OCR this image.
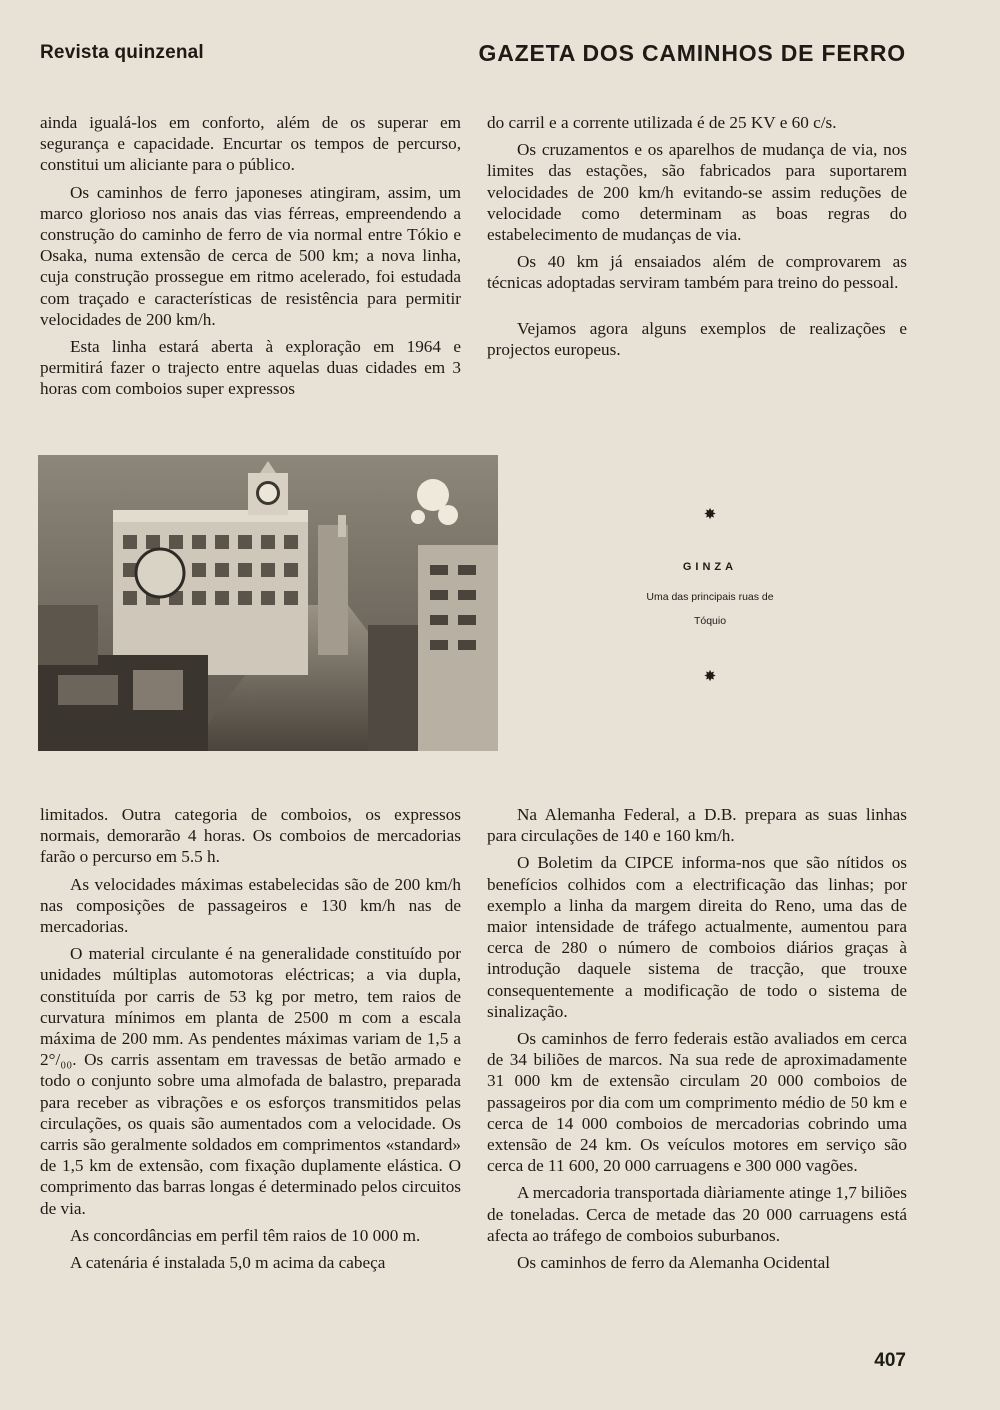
Revista quinzenal	GAZETA DOS CAMINHOS DE FERRO

ainda igualá-los em conforto, além de os superar em segurança e capacidade. Encurtar os tempos de percurso, constitui um aliciante para o público.

Os caminhos de ferro japoneses atingiram, assim, um marco glorioso nos anais das vias férreas, empreendendo a construção do caminho de ferro de via normal entre Tókio e Osaka, numa extensão de cerca de 500 km; a nova linha, cuja construção prossegue em ritmo acelerado, foi estudada com traçado e características de resistência para permitir velocidades de 200 km/h.

Esta linha estará aberta à exploração em 1964 e permitirá fazer o trajecto entre aquelas duas cidades em 3 horas com comboios super expressos

do carril e a corrente utilizada é de 25 KV e 60 c/s.

Os cruzamentos e os aparelhos de mudança de via, nos limites das estações, são fabricados para suportarem velocidades de 200 km/h evitando-se assim reduções de velocidade como determinam as boas regras do estabelecimento de mudanças de via.

Os 40 km já ensaiados além de comprovarem as técnicas adoptadas serviram também para treino do pessoal.

Vejamos agora alguns exemplos de realizações e projectos europeus.

✸
GINZA
Uma das principais ruas de
Tóquio
✸

limitados. Outra categoria de comboios, os expressos normais, demorarão 4 horas. Os comboios de mercadorias farão o percurso em 5.5 h.

As velocidades máximas estabelecidas são de 200 km/h nas composições de passageiros e 130 km/h nas de mercadorias.

O material circulante é na generalidade constituído por unidades múltiplas automotoras eléctricas; a via dupla, constituída por carris de 53 kg por metro, tem raios de curvatura mínimos em planta de 2500 m com a escala máxima de 200 mm. As pendentes máximas variam de 1,5 a 2°/₀₀. Os carris assentam em travessas de betão armado e todo o conjunto sobre uma almofada de balastro, preparada para receber as vibrações e os esforços transmitidos pelas circulações, os quais são aumentados com a velocidade. Os carris são geralmente soldados em comprimentos «standard» de 1,5 km de extensão, com fixação duplamente elástica. O comprimento das barras longas é determinado pelos circuitos de via.

As concordâncias em perfil têm raios de 10 000 m.

A catenária é instalada 5,0 m acima da cabeça

Na Alemanha Federal, a D.B. prepara as suas linhas para circulações de 140 e 160 km/h.

O Boletim da CIPCE informa-nos que são nítidos os benefícios colhidos com a electrificação das linhas; por exemplo a linha da margem direita do Reno, uma das de maior intensidade de tráfego actualmente, aumentou para cerca de 280 o número de comboios diários graças à introdução daquele sistema de tracção, que trouxe consequentemente a modificação de todo o sistema de sinalização.

Os caminhos de ferro federais estão avaliados em cerca de 34 biliões de marcos. Na sua rede de aproximadamente 31 000 km de extensão circulam 20 000 comboios de passageiros por dia com um comprimento médio de 50 km e cerca de 14 000 comboios de mercadorias cobrindo uma extensão de 24 km. Os veículos motores em serviço são cerca de 11 600, 20 000 carruagens e 300 000 vagões.

A mercadoria transportada diàriamente atinge 1,7 biliões de toneladas. Cerca de metade das 20 000 carruagens está afecta ao tráfego de comboios suburbanos.

Os caminhos de ferro da Alemanha Ocidental

407
